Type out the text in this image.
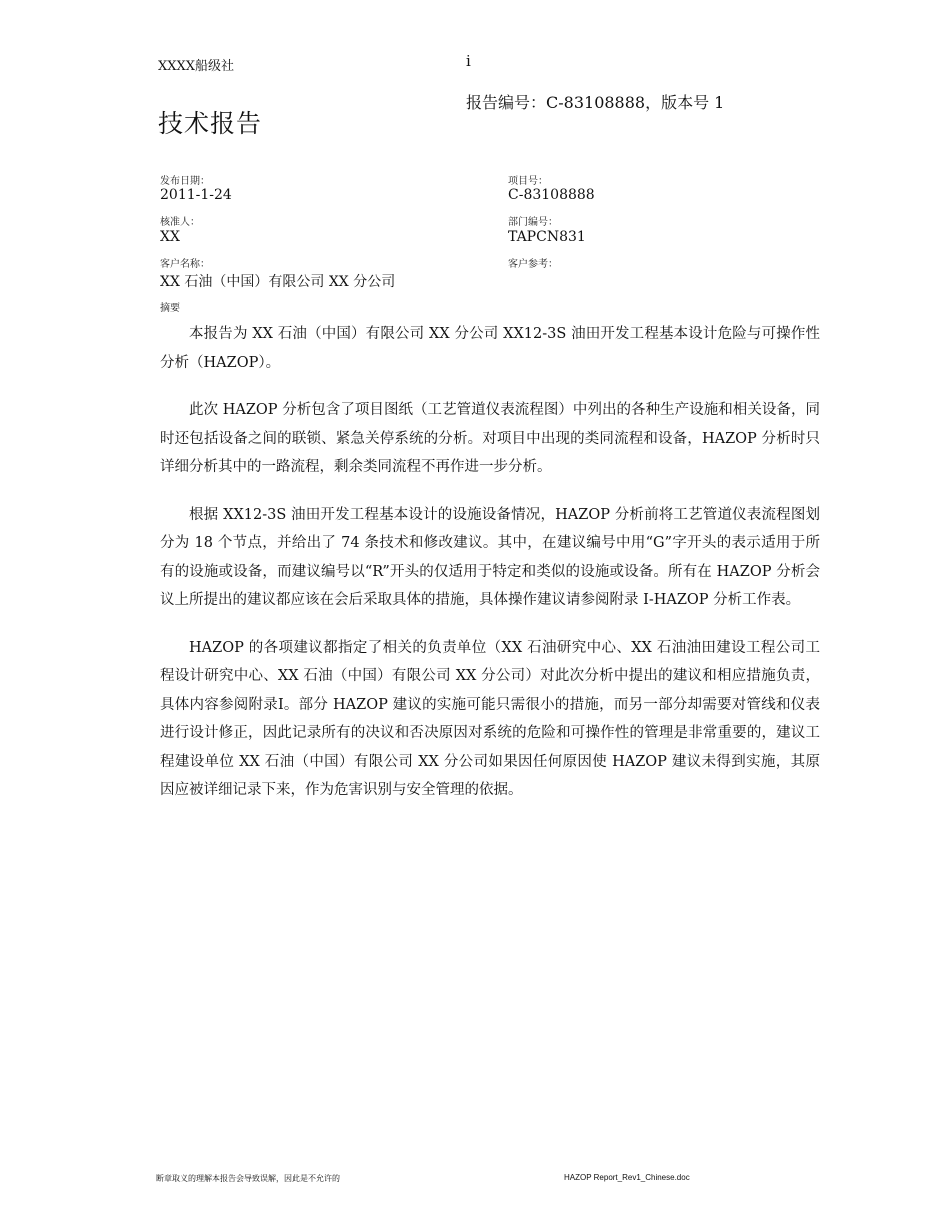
XXXX船级社	i
报告编号：C-83108888，版本号 1
技术报告
发布日期：
2011-1-24
项目号：
C-83108888
核准人：
XX
部门编号：
TAPCN831
客户名称：
XX 石油（中国）有限公司 XX 分公司
客户参考：
摘要

本报告为 XX 石油（中国）有限公司 XX 分公司 XX12-3S 油田开发工程基本设计危险与可操作性分析（HAZOP）。

此次 HAZOP 分析包含了项目图纸（工艺管道仪表流程图）中列出的各种生产设施和相关设备，同时还包括设备之间的联锁、紧急关停系统的分析。对项目中出现的类同流程和设备，HAZOP 分析时只详细分析其中的一路流程，剩余类同流程不再作进一步分析。

根据 XX12-3S 油田开发工程基本设计的设施设备情况，HAZOP 分析前将工艺管道仪表流程图划分为 18 个节点，并给出了 74 条技术和修改建议。其中，在建议编号中用“G”字开头的表示适用于所有的设施或设备，而建议编号以“R”开头的仅适用于特定和类似的设施或设备。所有在 HAZOP 分析会议上所提出的建议都应该在会后采取具体的措施，具体操作建议请参阅附录 I-HAZOP 分析工作表。

HAZOP 的各项建议都指定了相关的负责单位（XX 石油研究中心、XX 石油油田建设工程公司工程设计研究中心、XX 石油（中国）有限公司 XX 分公司）对此次分析中提出的建议和相应措施负责，具体内容参阅附录Ⅰ。部分 HAZOP 建议的实施可能只需很小的措施，而另一部分却需要对管线和仪表进行设计修正，因此记录所有的决议和否决原因对系统的危险和可操作性的管理是非常重要的，建议工程建设单位 XX 石油（中国）有限公司 XX 分公司如果因任何原因使 HAZOP 建议未得到实施，其原因应被详细记录下来，作为危害识别与安全管理的依据。

断章取义的理解本报告会导致误解，因此是不允许的	HAZOP Report_Rev1_Chinese.doc
